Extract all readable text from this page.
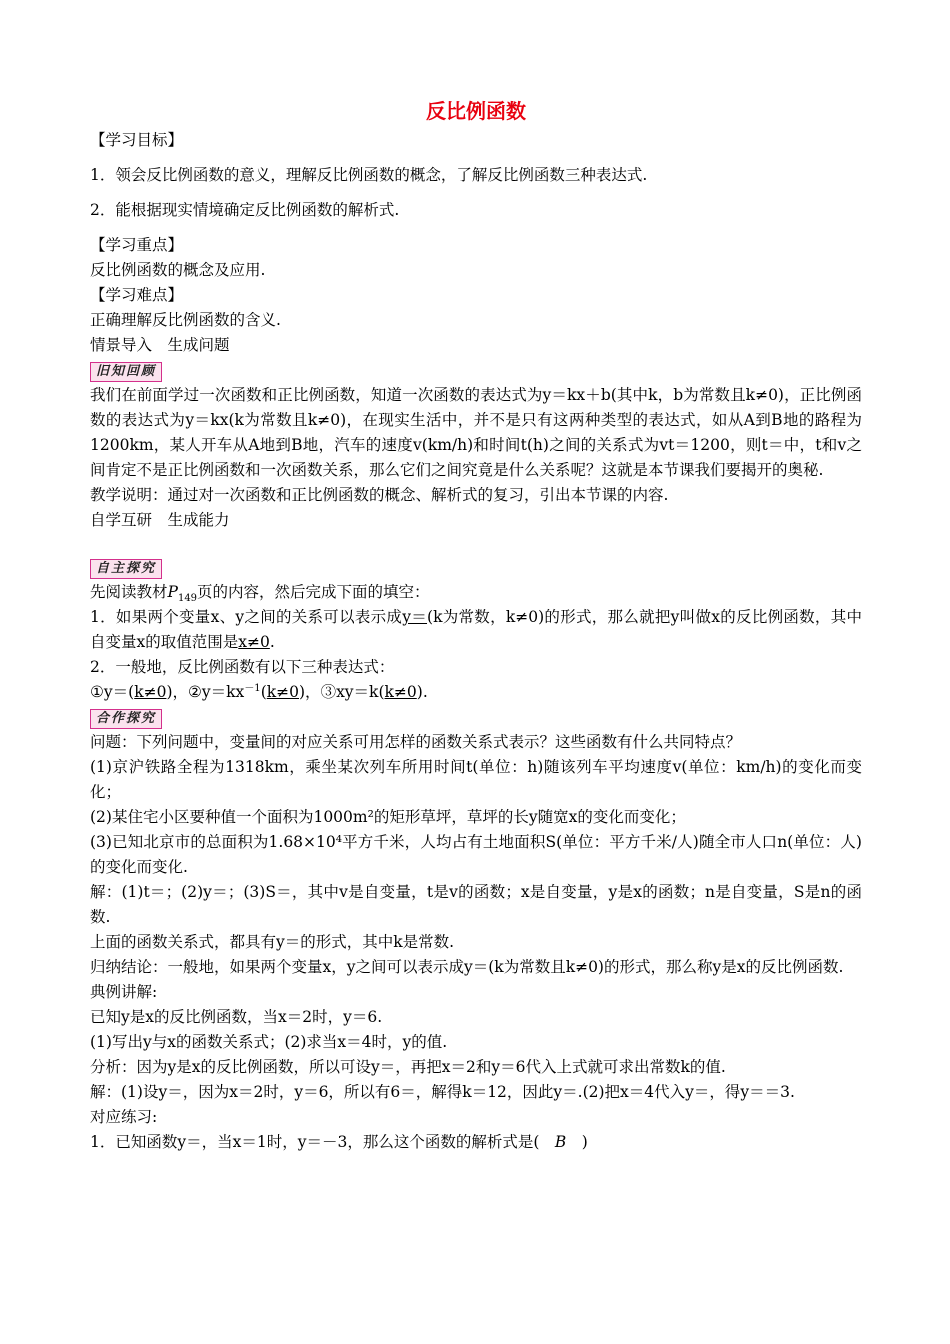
反比例函数

【学习目标】

1．领会反比例函数的意义，理解反比例函数的概念，了解反比例函数三种表达式.

2．能根据现实情境确定反比例函数的解析式.

【学习重点】

反比例函数的概念及应用.

【学习难点】

正确理解反比例函数的含义.

情景导入　生成问题

旧知回顾

我们在前面学过一次函数和正比例函数，知道一次函数的表达式为y＝kx＋b(其中k，b为常数且k≠0)，正比例函数的表达式为y＝kx(k为常数且k≠0)，在现实生活中，并不是只有这两种类型的表达式，如从A到B地的路程为1200km，某人开车从A地到B地，汽车的速度v(km/h)和时间t(h)之间的关系式为vt＝1200，则t＝中，t和v之间肯定不是正比例函数和一次函数关系，那么它们之间究竟是什么关系呢？这就是本节课我们要揭开的奥秘.

教学说明：通过对一次函数和正比例函数的概念、解析式的复习，引出本节课的内容.

自学互研　生成能力

自主探究

先阅读教材$P_{149}$页的内容，然后完成下面的填空：

1．如果两个变量x、y之间的关系可以表示成y＝(k为常数，k≠0)的形式，那么就把y叫做x的反比例函数，其中自变量x的取值范围是x≠0.

2．一般地，反比例函数有以下三种表达式：

①y＝(k≠0)，$②y=kx^{-1}(k\ne 0)$，③xy＝k(k≠0).

合作探究

问题：下列问题中，变量间的对应关系可用怎样的函数关系式表示？这些函数有什么共同特点？

(1)京沪铁路全程为1318km，乘坐某次列车所用时间t(单位：h)随该列车平均速度v(单位：km/h)的变化而变化；

(2)某住宅小区要种值一个面积为1000m²的矩形草坪，草坪的长y随宽x的变化而变化；

(3)已知北京市的总面积为1.68×10⁴平方千米，人均占有土地面积S(单位：平方千米/人)随全市人口n(单位：人)的变化而变化.

解：(1)t＝；(2)y＝；(3)S＝，其中v是自变量，t是v的函数；x是自变量，y是x的函数；n是自变量，S是n的函数.

上面的函数关系式，都具有y＝的形式，其中k是常数.

归纳结论：一般地，如果两个变量x，y之间可以表示成y＝(k为常数且k≠0)的形式，那么称y是x的反比例函数.

典例讲解:

已知y是x的反比例函数，当x＝2时，y＝6.

(1)写出y与x的函数关系式；(2)求当x＝4时，y的值.

分析：因为y是x的反比例函数，所以可设y＝，再把x＝2和y＝6代入上式就可求出常数k的值.

解：(1)设y＝，因为x＝2时，y＝6，所以有6＝，解得k＝12，因此y＝.(2)把x＝4代入y＝，得y＝＝3.

对应练习:

1．已知函数y＝，当x＝1时，y＝－3，那么这个函数的解析式是(  B  )
